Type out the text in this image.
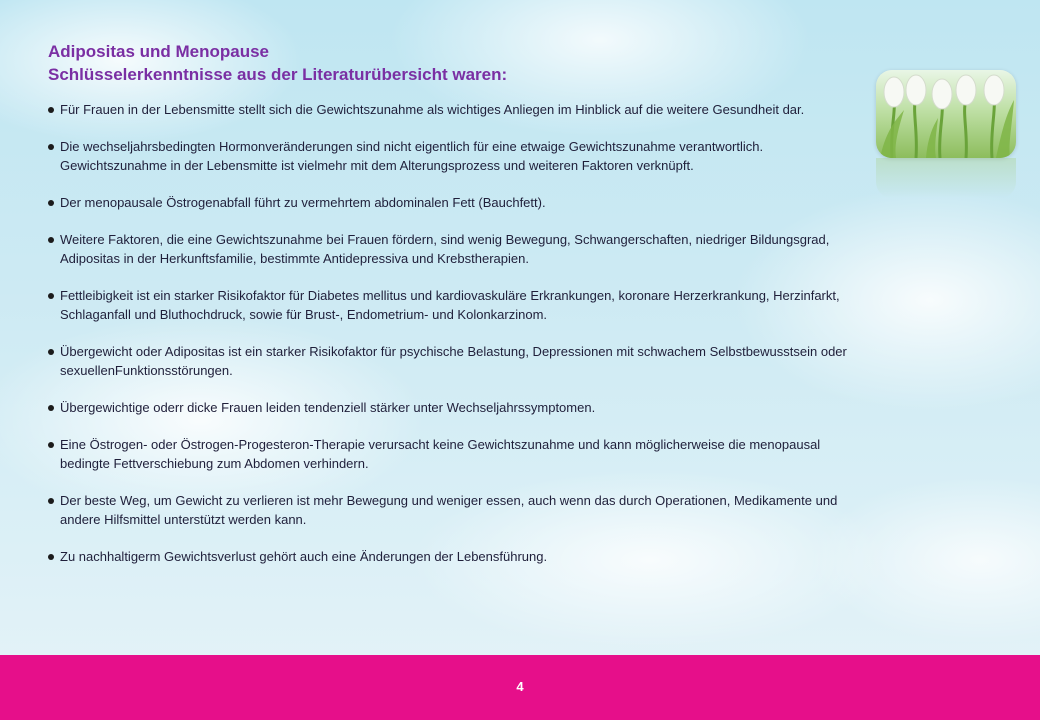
Adipositas und Menopause
Schlüsselerkenntnisse aus der Literaturübersicht waren:
Für Frauen in der Lebensmitte stellt sich die Gewichtszunahme als wichtiges Anliegen im Hinblick auf die weitere Gesundheit dar.
Die wechseljahrsbedingten Hormonveränderungen sind nicht eigentlich für eine etwaige Gewichtszunahme verantwortlich. Gewichtszunahme in der Lebensmitte ist vielmehr mit dem Alterungsprozess und weiteren Faktoren verknüpft.
Der menopausale Östrogenabfall führt zu vermehrtem abdominalen Fett (Bauchfett).
Weitere Faktoren, die eine Gewichtszunahme bei Frauen fördern, sind wenig Bewegung, Schwangerschaften, niedriger Bildungsgrad, Adipositas in der Herkunftsfamilie, bestimmte Antidepressiva und Krebstherapien.
Fettleibigkeit ist ein starker Risikofaktor für Diabetes mellitus und kardiovaskuläre Erkrankungen, koronare Herzerkrankung, Herzinfarkt, Schlaganfall und Bluthochdruck, sowie für Brust-, Endometrium- und Kolonkarzinom.
Übergewicht oder Adipositas ist ein starker Risikofaktor für psychische Belastung, Depressionen mit schwachem Selbstbewusstsein oder sexuellenFunktionsstörungen.
Übergewichtige oderr dicke Frauen leiden tendenziell stärker unter Wechseljahrssymptomen.
Eine Östrogen- oder Östrogen-Progesteron-Therapie verursacht keine Gewichtszunahme und kann möglicherweise die menopausal bedingte Fettverschiebung zum Abdomen verhindern.
Der beste Weg, um Gewicht zu verlieren ist mehr Bewegung und weniger essen, auch wenn das durch Operationen, Medikamente und andere Hilfsmittel unterstützt werden kann.
Zu nachhaltigerm Gewichtsverlust gehört auch eine Änderungen der Lebensführung.
4
